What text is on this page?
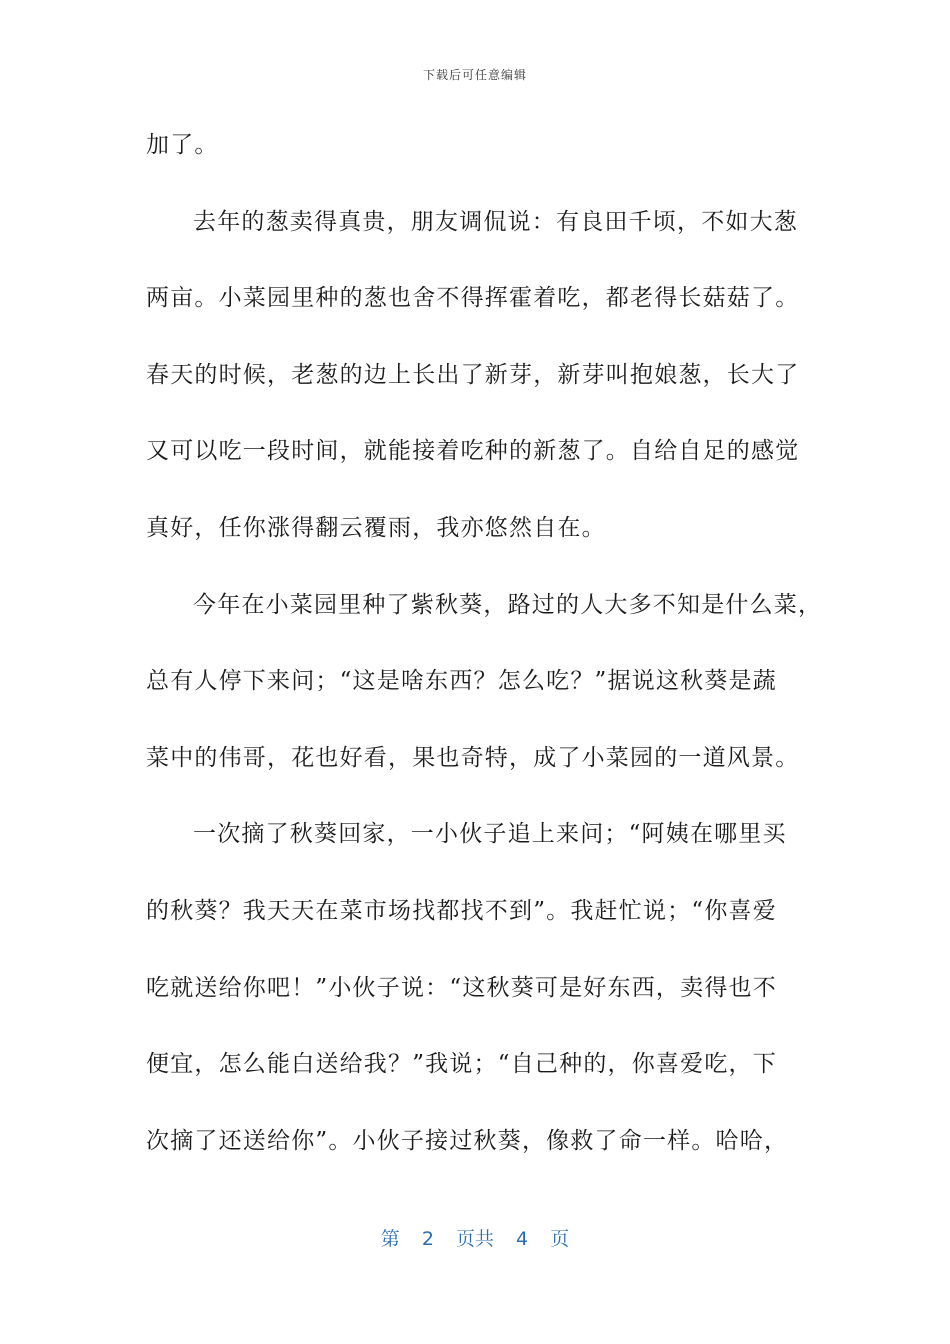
下载后可任意编辑
加了。
去年的葱卖得真贵，朋友调侃说：有良田千顷，不如大葱
两亩。小菜园里种的葱也舍不得挥霍着吃，都老得长菇菇了。
春天的时候，老葱的边上长出了新芽，新芽叫抱娘葱，长大了
又可以吃一段时间，就能接着吃种的新葱了。自给自足的感觉
真好，任你涨得翻云覆雨，我亦悠然自在。
今年在小菜园里种了紫秋葵，路过的人大多不知是什么菜，
总有人停下来问；“这是啥东西？怎么吃？”据说这秋葵是蔬
菜中的伟哥，花也好看，果也奇特，成了小菜园的一道风景。
一次摘了秋葵回家，一小伙子追上来问；“阿姨在哪里买
的秋葵？我天天在菜市场找都找不到”。我赶忙说；“你喜爱
吃就送给你吧！”小伙子说：“这秋葵可是好东西，卖得也不
便宜，怎么能白送给我？”我说；“自己种的，你喜爱吃，下
次摘了还送给你”。小伙子接过秋葵，像救了命一样。哈哈，
第 2 页共 4 页
